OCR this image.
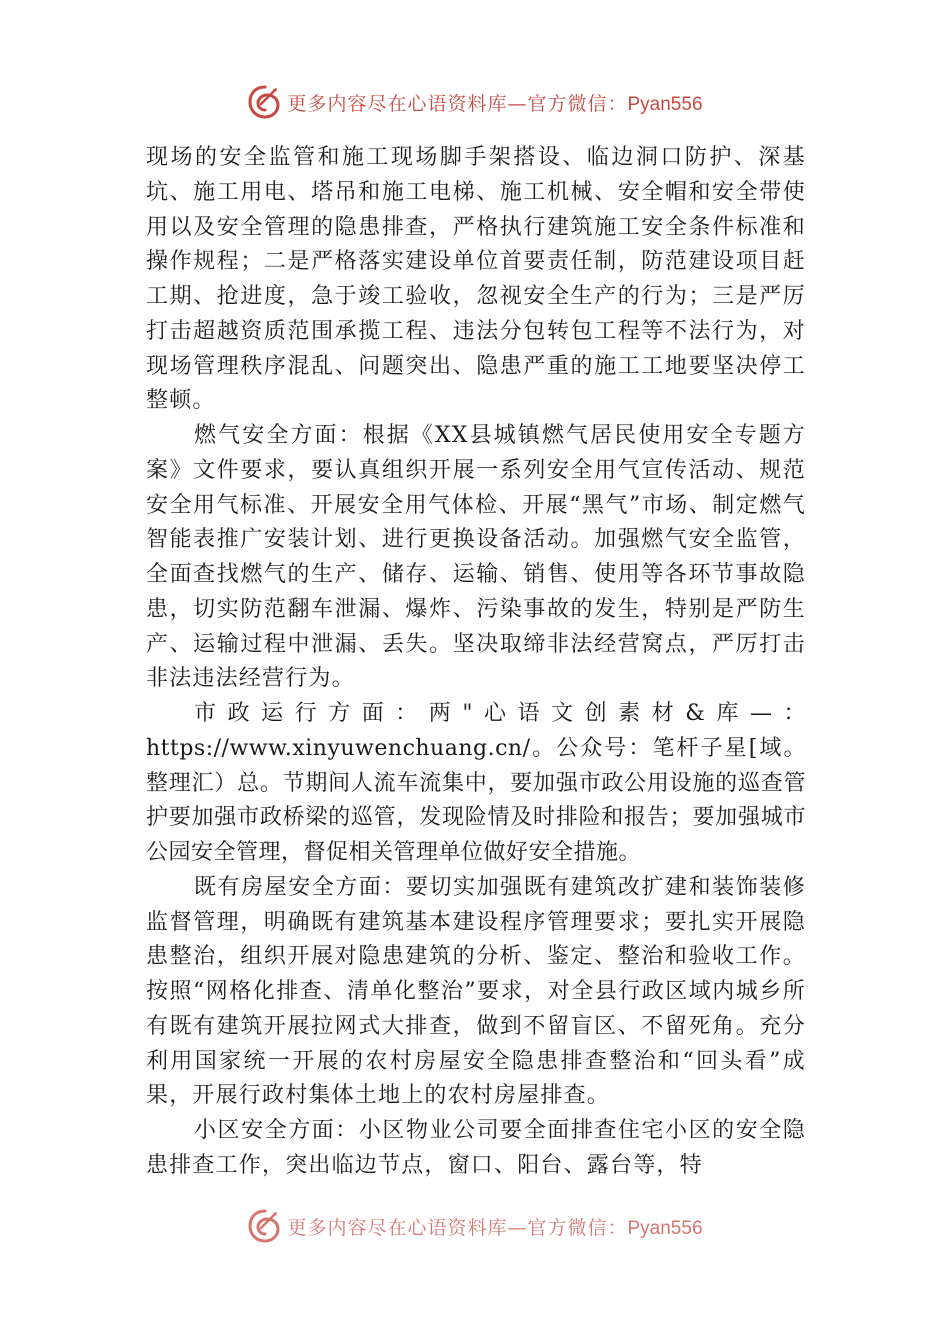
更多内容尽在心语资料库—官方微信：Pyan556

现场的安全监管和施工现场脚手架搭设、临边洞口防护、深基坑、施工用电、塔吊和施工电梯、施工机械、安全帽和安全带使用以及安全管理的隐患排查，严格执行建筑施工安全条件标准和操作规程；二是严格落实建设单位首要责任制，防范建设项目赶工期、抢进度，急于竣工验收，忽视安全生产的行为；三是严厉打击超越资质范围承揽工程、违法分包转包工程等不法行为，对现场管理秩序混乱、问题突出、隐患严重的施工工地要坚决停工整顿。

燃气安全方面：根据《XX县城镇燃气居民使用安全专题方案》文件要求，要认真组织开展一系列安全用气宣传活动、规范安全用气标准、开展安全用气体检、开展“黑气”市场、制定燃气智能表推广安装计划、进行更换设备活动。加强燃气安全监管，全面查找燃气的生产、储存、运输、销售、使用等各环节事故隐患，切实防范翻车泄漏、爆炸、污染事故的发生，特别是严防生产、运输过程中泄漏、丢失。坚决取缔非法经营窝点，严厉打击非法违法经营行为。

市政运行方面：两"心语文创素材&库—：https://www.xinyuwenchuang.cn/。公众号：笔杆子星[域。整理汇）总。节期间人流车流集中，要加强市政公用设施的巡查管护要加强市政桥梁的巡管，发现险情及时排险和报告；要加强城市公园安全管理，督促相关管理单位做好安全措施。

既有房屋安全方面：要切实加强既有建筑改扩建和装饰装修监督管理，明确既有建筑基本建设程序管理要求；要扎实开展隐患整治，组织开展对隐患建筑的分析、鉴定、整治和验收工作。 按照“网格化排查、清单化整治”要求，对全县行政区域内城乡所有既有建筑开展拉网式大排查，做到不留盲区、不留死角。充分利用国家统一开展的农村房屋安全隐患排查整治和“回头看”成果，开展行政村集体土地上的农村房屋排查。

小区安全方面：小区物业公司要全面排查住宅小区的安全隐患排查工作，突出临边节点，窗口、阳台、露台等，特

更多内容尽在心语资料库—官方微信：Pyan556
